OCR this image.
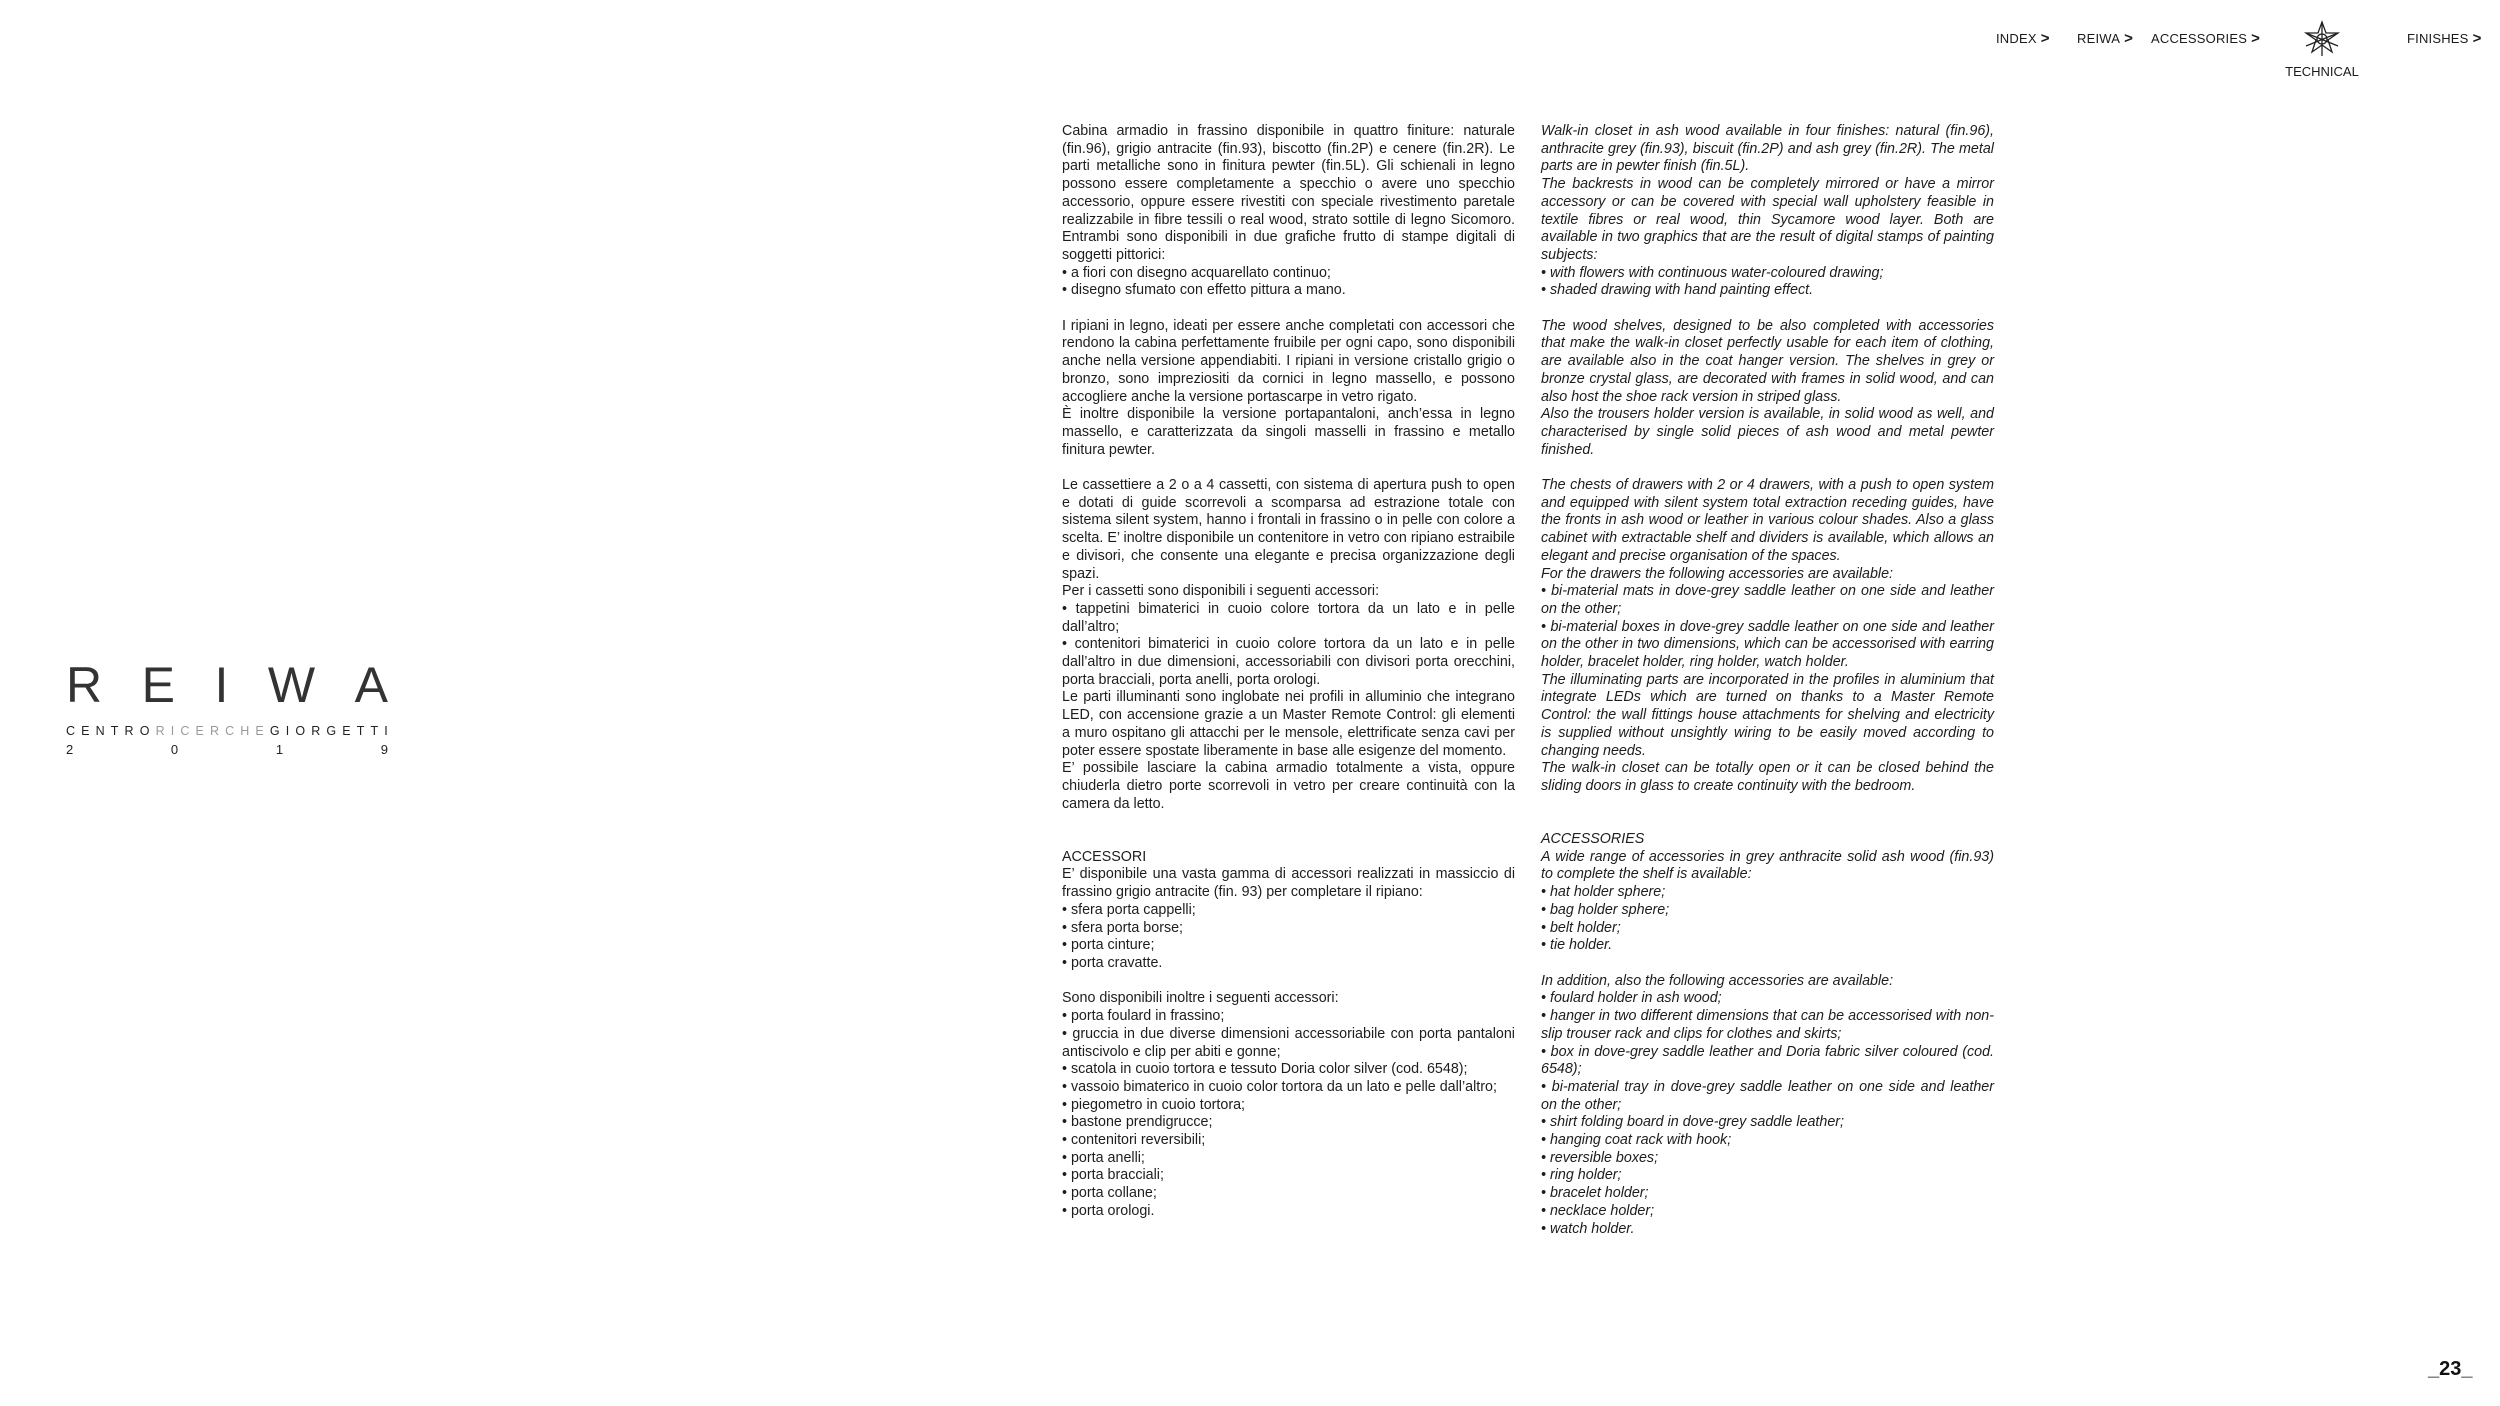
INDEX > REIWA > ACCESSORIES >
TECHNICAL
FINISHES >
R E I W A
C E N T R O R I C E R C H E G I O R G E T T I
2	0	1	9

Cabina armadio in frassino disponibile in quattro finiture: naturale (fin.96), grigio antracite (fin.93), biscotto (fin.2P) e cenere (fin.2R). Le parti metalliche sono in finitura pewter (fin.5L). Gli schienali in legno possono essere completamente a specchio o avere uno specchio accessorio, oppure essere rivestiti con speciale rivestimento paretale realizzabile in fibre tessili o real wood, strato sottile di legno Sicomoro. Entrambi sono disponibili in due grafiche frutto di stampe digitali di soggetti pittorici:

• a fiori con disegno acquarellato continuo;

• disegno sfumato con effetto pittura a mano.

I ripiani in legno, ideati per essere anche completati con accessori che rendono la cabina perfettamente fruibile per ogni capo, sono disponibili anche nella versione appendiabiti. I ripiani in versione cristallo grigio o bronzo, sono impreziositi da cornici in legno massello, e possono accogliere anche la versione portascarpe in vetro rigato.

È inoltre disponibile la versione portapantaloni, anch’essa in legno massello, e caratterizzata da singoli masselli in frassino e metallo finitura pewter.

Le cassettiere a 2 o a 4 cassetti, con sistema di apertura push to open e dotati di guide scorrevoli a scomparsa ad estrazione totale con sistema silent system, hanno i frontali in frassino o in pelle con colore a scelta. E’ inoltre disponibile un contenitore in vetro con ripiano estraibile e divisori, che consente una elegante e precisa organizzazione degli spazi.

Per i cassetti sono disponibili i seguenti accessori:

• tappetini bimaterici in cuoio colore tortora da un lato e in pelle dall’altro;

• contenitori bimaterici in cuoio colore tortora da un lato e in pelle dall’altro in due dimensioni, accessoriabili con divisori porta orecchini, porta bracciali, porta anelli, porta orologi.

Le parti illuminanti sono inglobate nei profili in alluminio che integrano LED, con accensione grazie a un Master Remote Control: gli elementi a muro ospitano gli attacchi per le mensole, elettrificate senza cavi per poter essere spostate liberamente in base alle esigenze del momento.

E’ possibile lasciare la cabina armadio totalmente a vista, oppure chiuderla dietro porte scorrevoli in vetro per creare continuità con la camera da letto.

ACCESSORI

E’ disponibile una vasta gamma di accessori realizzati in massiccio di frassino grigio antracite (fin. 93) per completare il ripiano:

• sfera porta cappelli;

• sfera porta borse;

• porta cinture;

• porta cravatte.

Sono disponibili inoltre i seguenti accessori:

• porta foulard in frassino;

• gruccia in due diverse dimensioni accessoriabile con porta pantaloni antiscivolo e clip per abiti e gonne;

• scatola in cuoio tortora e tessuto Doria color silver (cod. 6548);

• vassoio bimaterico in cuoio color tortora da un lato e pelle dall’altro;

• piegometro in cuoio tortora;

• bastone prendigrucce;

• contenitori reversibili;

• porta anelli;

• porta bracciali;

• porta collane;

• porta orologi.

Walk-in closet in ash wood available in four finishes: natural (fin.96), anthracite grey (fin.93), biscuit (fin.2P) and ash grey (fin.2R). The metal parts are in pewter finish (fin.5L).

The backrests in wood can be completely mirrored or have a mirror accessory or can be covered with special wall upholstery feasible in textile fibres or real wood, thin Sycamore wood layer. Both are available in two graphics that are the result of digital stamps of painting subjects:

• with flowers with continuous water-coloured drawing;

• shaded drawing with hand painting effect.

The wood shelves, designed to be also completed with accessories that make the walk-in closet perfectly usable for each item of clothing, are available also in the coat hanger version. The shelves in grey or bronze crystal glass, are decorated with frames in solid wood, and can also host the shoe rack version in striped glass.

Also the trousers holder version is available, in solid wood as well, and characterised by single solid pieces of ash wood and metal pewter finished.

The chests of drawers with 2 or 4 drawers, with a push to open system and equipped with silent system total extraction receding guides, have the fronts in ash wood or leather in various colour shades. Also a glass cabinet with extractable shelf and dividers is available, which allows an elegant and precise organisation of the spaces.

For the drawers the following accessories are available:

• bi-material mats in dove-grey saddle leather on one side and leather on the other;

• bi-material boxes in dove-grey saddle leather on one side and leather on the other in two dimensions, which can be accessorised with earring holder, bracelet holder, ring holder, watch holder.

The illuminating parts are incorporated in the profiles in aluminium that integrate LEDs which are turned on thanks to a Master Remote Control: the wall fittings house attachments for shelving and electricity is supplied without unsightly wiring to be easily moved according to changing needs.

The walk-in closet can be totally open or it can be closed behind the sliding doors in glass to create continuity with the bedroom.

ACCESSORIES

A wide range of accessories in grey anthracite solid ash wood (fin.93) to complete the shelf is available:

• hat holder sphere;

• bag holder sphere;

• belt holder;

• tie holder.

In addition, also the following accessories are available:

• foulard holder in ash wood;

• hanger in two different dimensions that can be accessorised with non-slip trouser rack and clips for clothes and skirts;

• box in dove-grey saddle leather and Doria fabric silver coloured (cod. 6548);

• bi-material tray in dove-grey saddle leather on one side and leather on the other;

• shirt folding board in dove-grey saddle leather;

• hanging coat rack with hook;

• reversible boxes;

• ring holder;

• bracelet holder;

• necklace holder;

• watch holder.

_23_
